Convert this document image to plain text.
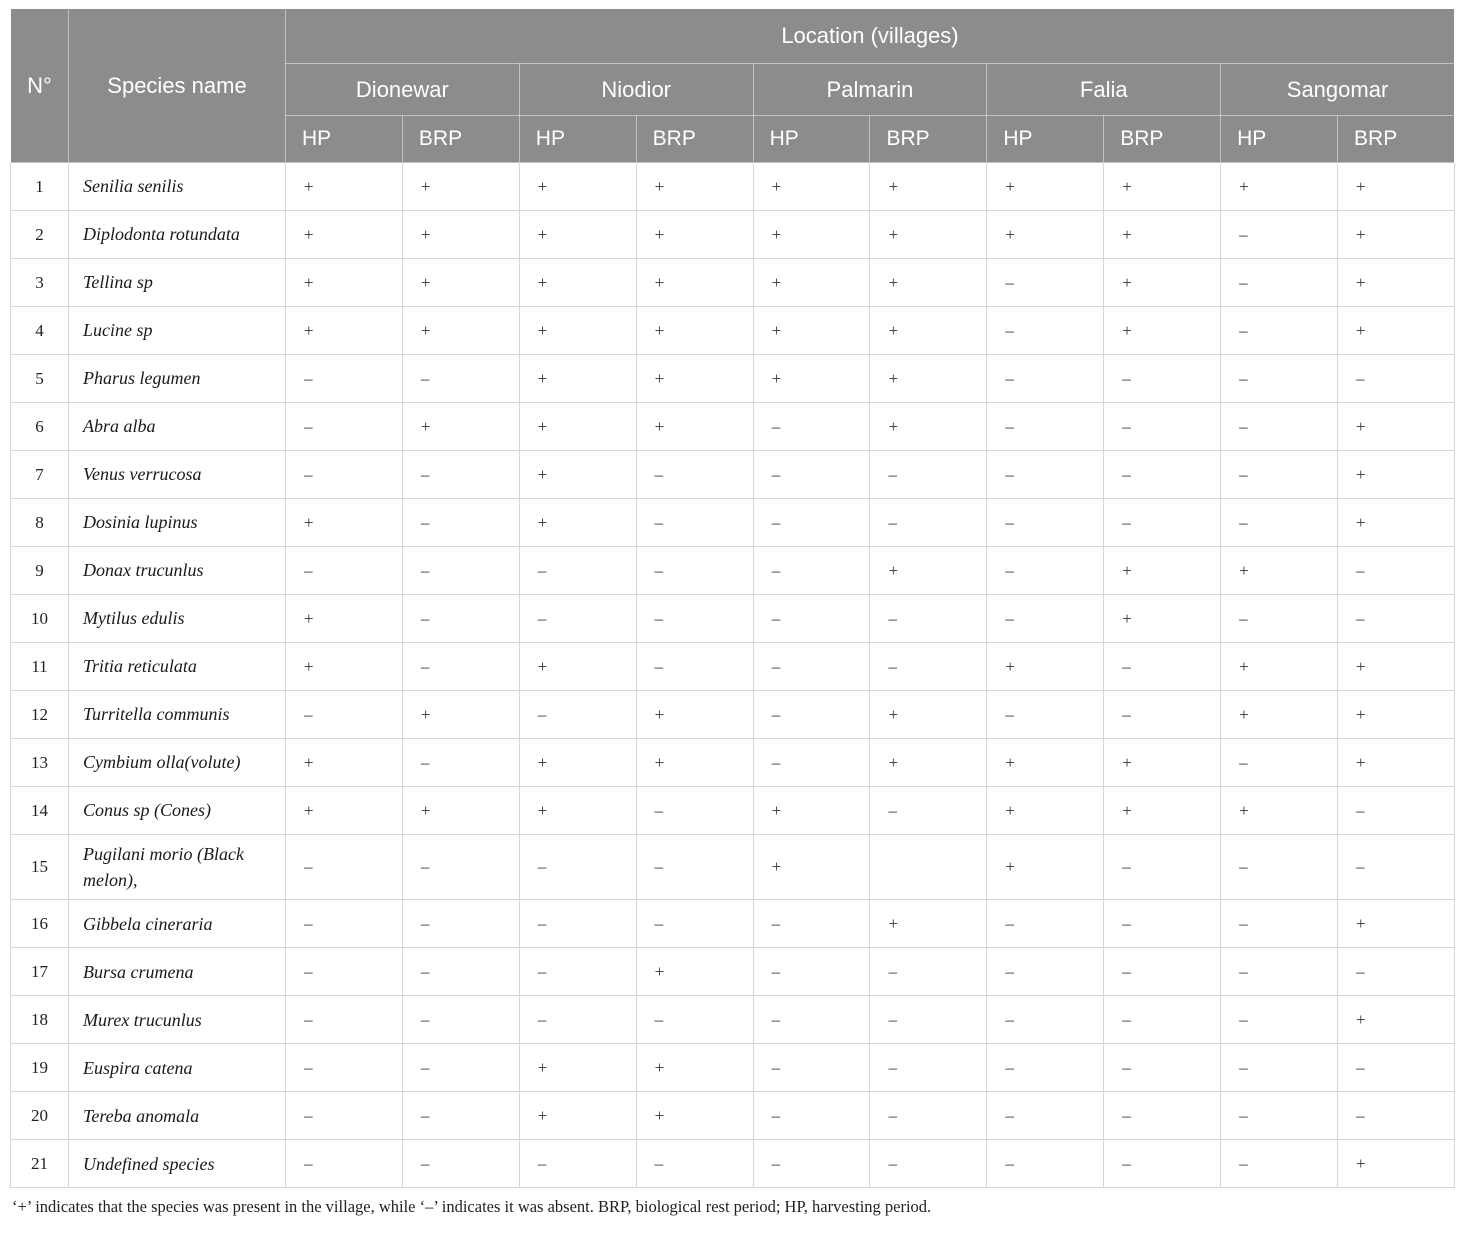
N°	Species name	Location (villages)									
		Dionewar		Niodior		Palmarin		Falia		Sangomar	
		HP	BRP	HP	BRP	HP	BRP	HP	BRP	HP	BRP
1	Senilia senilis	+	+	+	+	+	+	+	+	+	+
2	Diplodonta rotundata	+	+	+	+	+	+	+	+	–	+
3	Tellina sp	+	+	+	+	+	+	–	+	–	+
4	Lucine sp	+	+	+	+	+	+	–	+	–	+
5	Pharus legumen	–	–	+	+	+	+	–	–	–	–
6	Abra alba	–	+	+	+	–	+	–	–	–	+
7	Venus verrucosa	–	–	+	–	–	–	–	–	–	+
8	Dosinia lupinus	+	–	+	–	–	–	–	–	–	+
9	Donax trucunlus	–	–	–	–	–	+	–	+	+	–
10	Mytilus edulis	+	–	–	–	–	–	–	+	–	–
11	Tritia reticulata	+	–	+	–	–	–	+	–	+	+
12	Turritella communis	–	+	–	+	–	+	–	–	+	+
13	Cymbium olla(volute)	+	–	+	+	–	+	+	+	–	+
14	Conus sp (Cones)	+	+	+	–	+	–	+	+	+	–
15	Pugilani morio (Black melon),	–	–	–	–	+		+	–	–	–
16	Gibbela cineraria	–	–	–	–	–	+	–	–	–	+
17	Bursa crumena	–	–	–	+	–	–	–	–	–	–
18	Murex trucunlus	–	–	–	–	–	–	–	–	–	+
19	Euspira catena	–	–	+	+	–	–	–	–	–	–
20	Tereba anomala	–	–	+	+	–	–	–	–	–	–
21	Undefined species	–	–	–	–	–	–	–	–	–	+
‘+’ indicates that the species was present in the village, while ‘–’ indicates it was absent. BRP, biological rest period; HP, harvesting period.
